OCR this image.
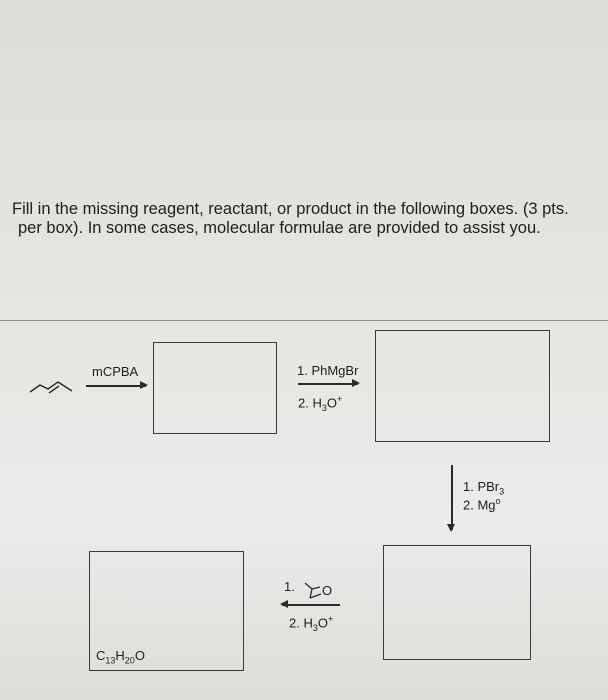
Fill in the missing reagent, reactant, or product in the following boxes. (3 pts.
per box). In some cases, molecular formulae are provided to assist you.
mCPBA	1. PhMgBr
2. $H_3O^+$
1. PBr$_3$
2. Mg$^o$
1. O
2. $H_3O^+$
$C_{13}H_{20}O$
